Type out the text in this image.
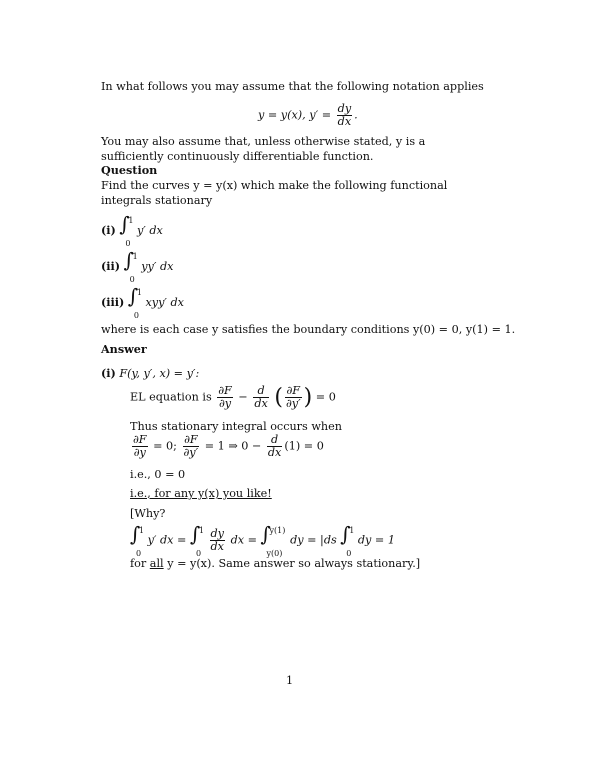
In what follows you may assume that the following notation applies
y = y(x), $y' = \frac{dy}{dx}$ .
You may also assume that, unless otherwise stated, y is a sufficiently continuously differentiable function.
Question
Find the curves y = y(x) which make the following functional integrals stationary
(i) ∫
1
0
y′ dx
(ii) ∫
1
0
yy′ dx
(iii) ∫
1
0
xyy′ dx
where is each case y satisfies the boundary conditions y(0) = 0, y(1) = 1.
Answer
(i) F(y, y′, x) = y′:
EL equation is $\frac{\partial F}{\partial y} - \frac{d}{dx}$ ( $\frac{\partial F}{\partial y'}$ ) = 0
Thus stationary integral occurs when
$\frac{\partial F}{\partial y} = 0$; $\frac{\partial F}{\partial y'} = 1$ ⇒ $0 - \frac{d}{dx} (1) = 0$
i.e., 0 = 0
i.e., for any y(x) you like!
[Why?
∫
1
0
y′ dx = ∫
1
0
$\frac{dy}{dx}$ dx = ∫
y(1)
y(0)
dy = |ds ∫
1
0
dy = 1
for all y = y(x). Same answer so always stationary.]
1
